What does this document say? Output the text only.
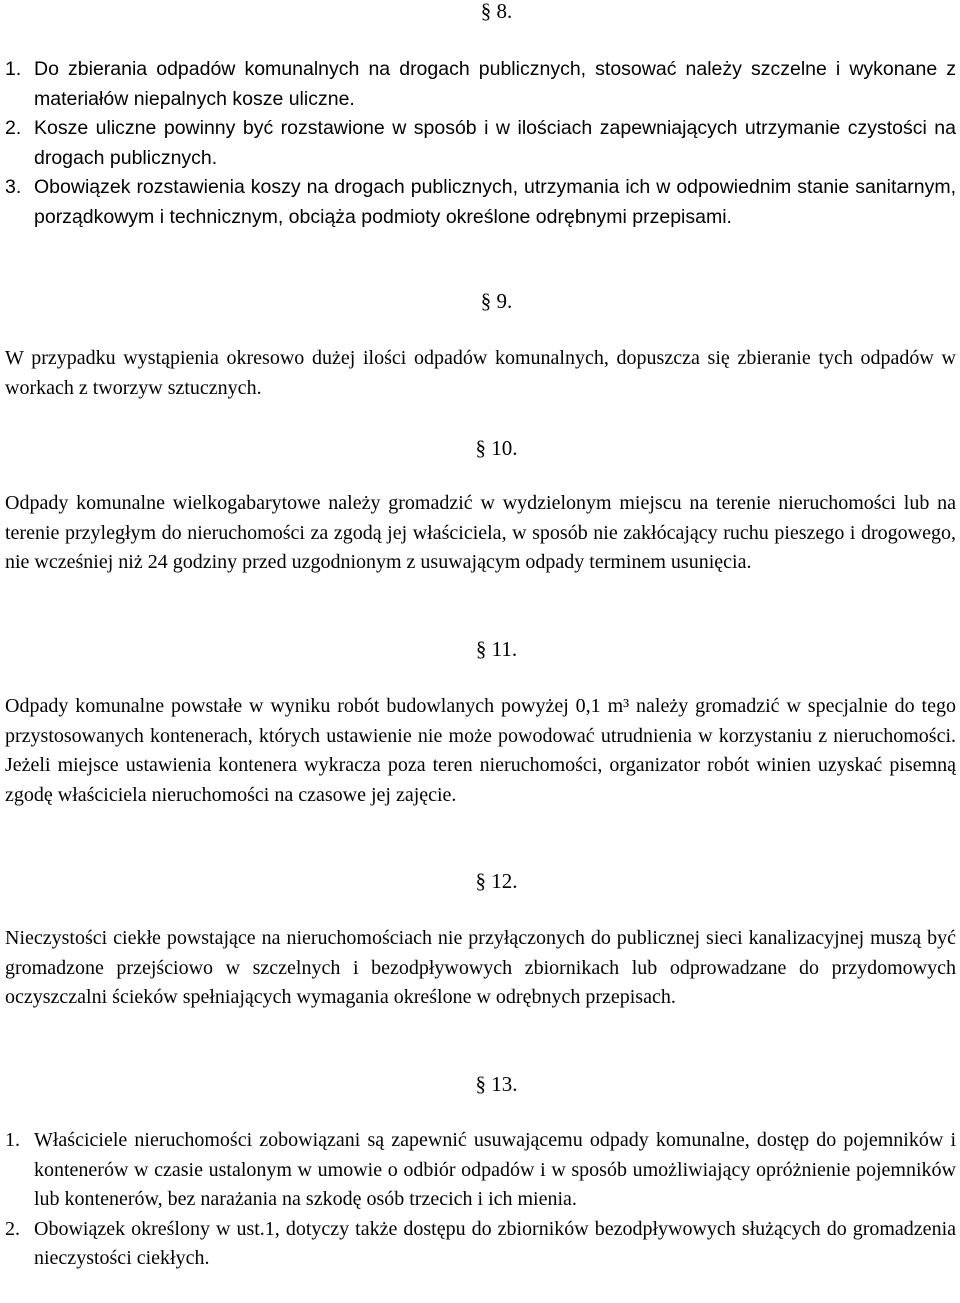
§ 8.
1. Do zbierania odpadów komunalnych na drogach publicznych, stosować należy szczelne i wykonane z materiałów niepalnych kosze uliczne.
2. Kosze uliczne powinny być rozstawione w sposób i w ilościach zapewniających utrzymanie czystości na drogach publicznych.
3. Obowiązek rozstawienia koszy na drogach publicznych, utrzymania ich w odpowiednim stanie sanitarnym, porządkowym i technicznym, obciąża podmioty określone odrębnymi przepisami.
§ 9.

W przypadku wystąpienia okresowo dużej ilości odpadów komunalnych, dopuszcza się zbieranie tych odpadów w workach z tworzyw sztucznych.

§ 10.

Odpady komunalne wielkogabarytowe należy gromadzić w wydzielonym miejscu na terenie nieruchomości lub na terenie przyległym do nieruchomości za zgodą jej właściciela, w sposób nie zakłócający ruchu pieszego i drogowego, nie wcześniej niż 24 godziny przed uzgodnionym z usuwającym odpady terminem usunięcia.

§ 11.

Odpady komunalne powstałe w wyniku robót budowlanych powyżej 0,1 m³ należy gromadzić w specjalnie do tego przystosowanych kontenerach, których ustawienie nie może powodować utrudnienia w korzystaniu z nieruchomości. Jeżeli miejsce ustawienia kontenera wykracza poza teren nieruchomości, organizator robót winien uzyskać pisemną zgodę właściciela nieruchomości na czasowe jej zajęcie.

§ 12.

Nieczystości ciekłe powstające na nieruchomościach nie przyłączonych do publicznej sieci kanalizacyjnej muszą być gromadzone przejściowo w szczelnych i bezodpływowych zbiornikach lub odprowadzane do przydomowych oczyszczalni ścieków spełniających wymagania określone w odrębnych przepisach.

§ 13.
1. Właściciele nieruchomości zobowiązani są zapewnić usuwającemu odpady komunalne, dostęp do pojemników i kontenerów w czasie ustalonym w umowie o odbiór odpadów i w sposób umożliwiający opróżnienie pojemników lub kontenerów, bez narażania na szkodę osób trzecich i ich mienia.
2. Obowiązek określony w ust.1, dotyczy także dostępu do zbiorników bezodpływowych służących do gromadzenia nieczystości ciekłych.
